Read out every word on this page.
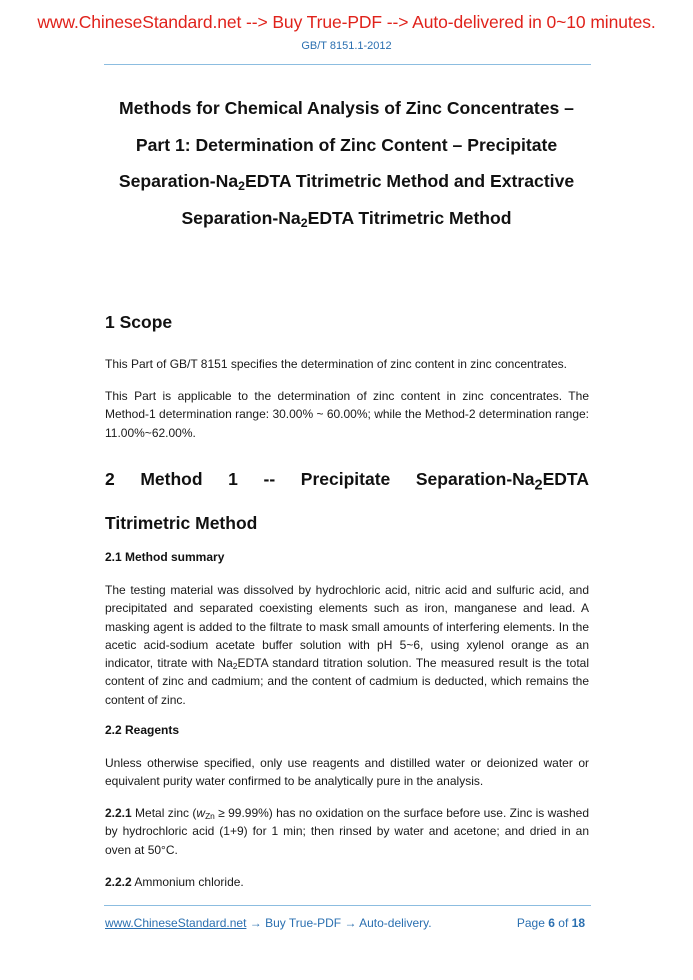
www.ChineseStandard.net --> Buy True-PDF --> Auto-delivered in 0~10 minutes.
GB/T 8151.1-2012
Methods for Chemical Analysis of Zinc Concentrates –
Part 1: Determination of Zinc Content – Precipitate
Separation-$Na_2EDTA$ Titrimetric Method and Extractive
Separation-$Na_2EDTA$ Titrimetric Method
1 Scope
This Part of GB/T 8151 specifies the determination of zinc content in zinc concentrates.
This Part is applicable to the determination of zinc content in zinc concentrates. The Method-1 determination range: 30.00% ~ 60.00%; while the Method-2 determination range: 11.00%~62.00%.
2 Method 1 -- Precipitate Separation-$Na_2EDTA$
Titrimetric Method
2.1 Method summary
The testing material was dissolved by hydrochloric acid, nitric acid and sulfuric acid, and precipitated and separated coexisting elements such as iron, manganese and lead. A masking agent is added to the filtrate to mask small amounts of interfering elements. In the acetic acid-sodium acetate buffer solution with pH 5~6, using xylenol orange as an indicator, titrate with $Na_2EDTA$ standard titration solution. The measured result is the total content of zinc and cadmium; and the content of cadmium is deducted, which remains the content of zinc.
2.2 Reagents
Unless otherwise specified, only use reagents and distilled water or deionized water or equivalent purity water confirmed to be analytically pure in the analysis.
2.2.1 Metal zinc $(w_{Zn} \ge 99.99\%)$ has no oxidation on the surface before use. Zinc is washed by hydrochloric acid (1+9) for 1 min; then rinsed by water and acetone; and dried in an oven at 50°C.
2.2.2 Ammonium chloride.
www.ChineseStandard.net → Buy True-PDF → Auto-delivery.	Page 6 of 18
